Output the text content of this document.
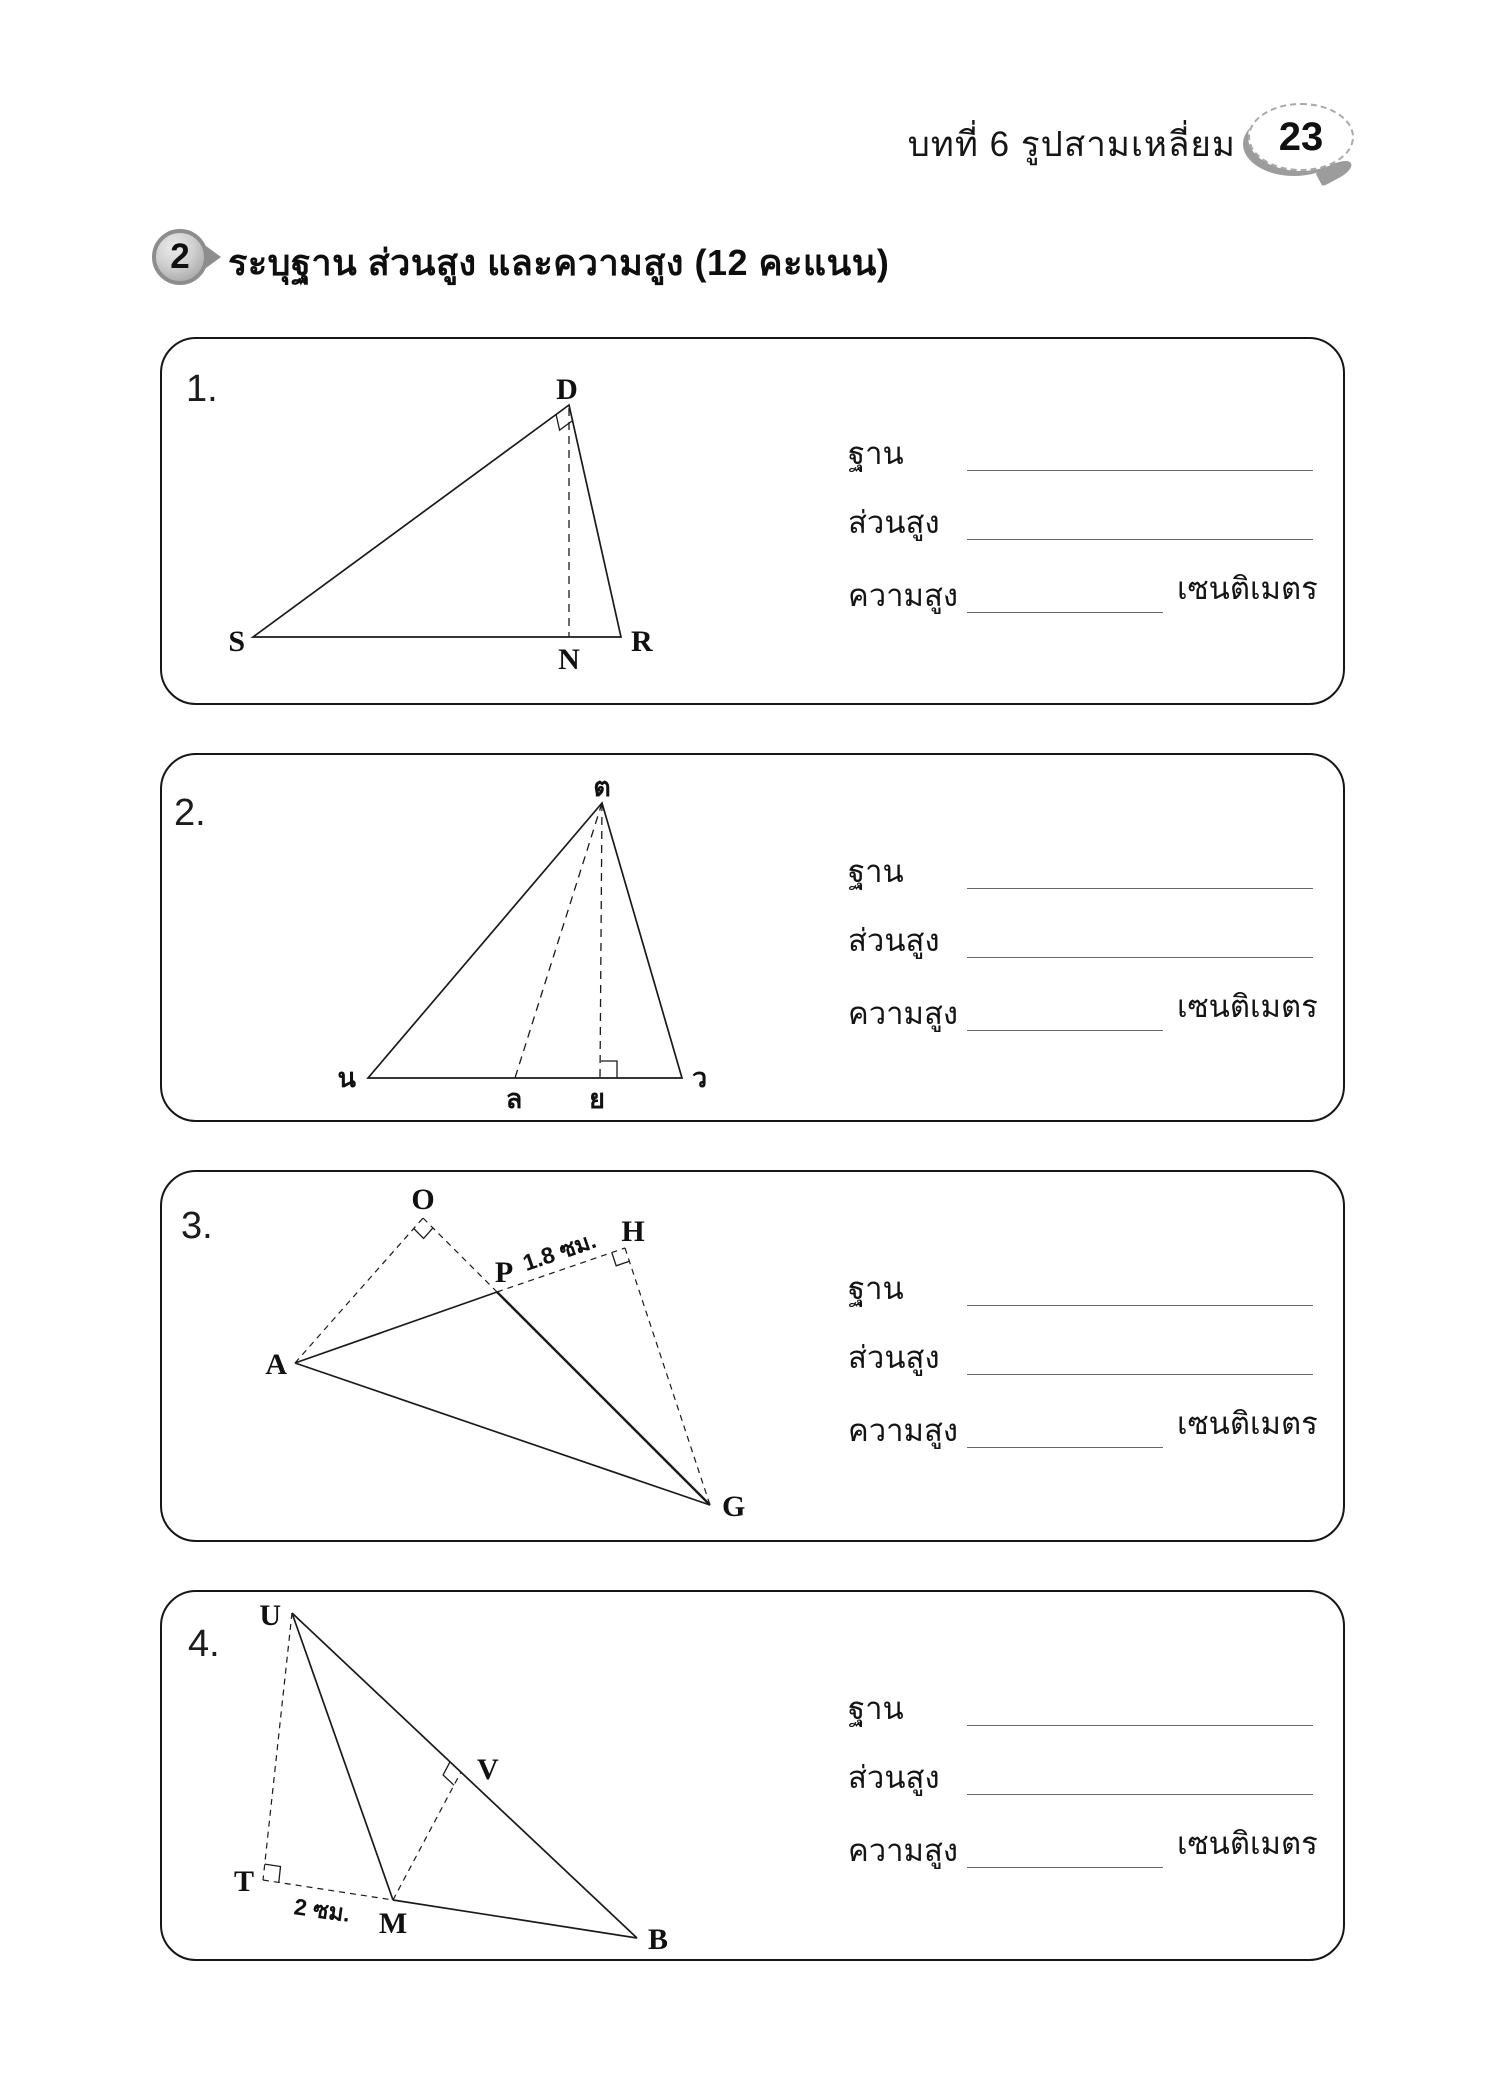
บทที่ 6 รูปสามเหลี่ยม 23
2 ระบุฐาน ส่วนสูง และความสูง (12 คะแนน)
1.
2.
3.
4.
D
S	R
N
ต
น	ว
ล ย
O
A
P
H
G
1.8 ซม.
U
T
M
V
B
2 ซม.
ฐาน
ส่วนสูง
ความสูง	เซนติเมตร
ฐาน
ส่วนสูง
ความสูง	เซนติเมตร
ฐาน
ส่วนสูง
ความสูง	เซนติเมตร
ฐาน
ส่วนสูง
ความสูง	เซนติเมตร
